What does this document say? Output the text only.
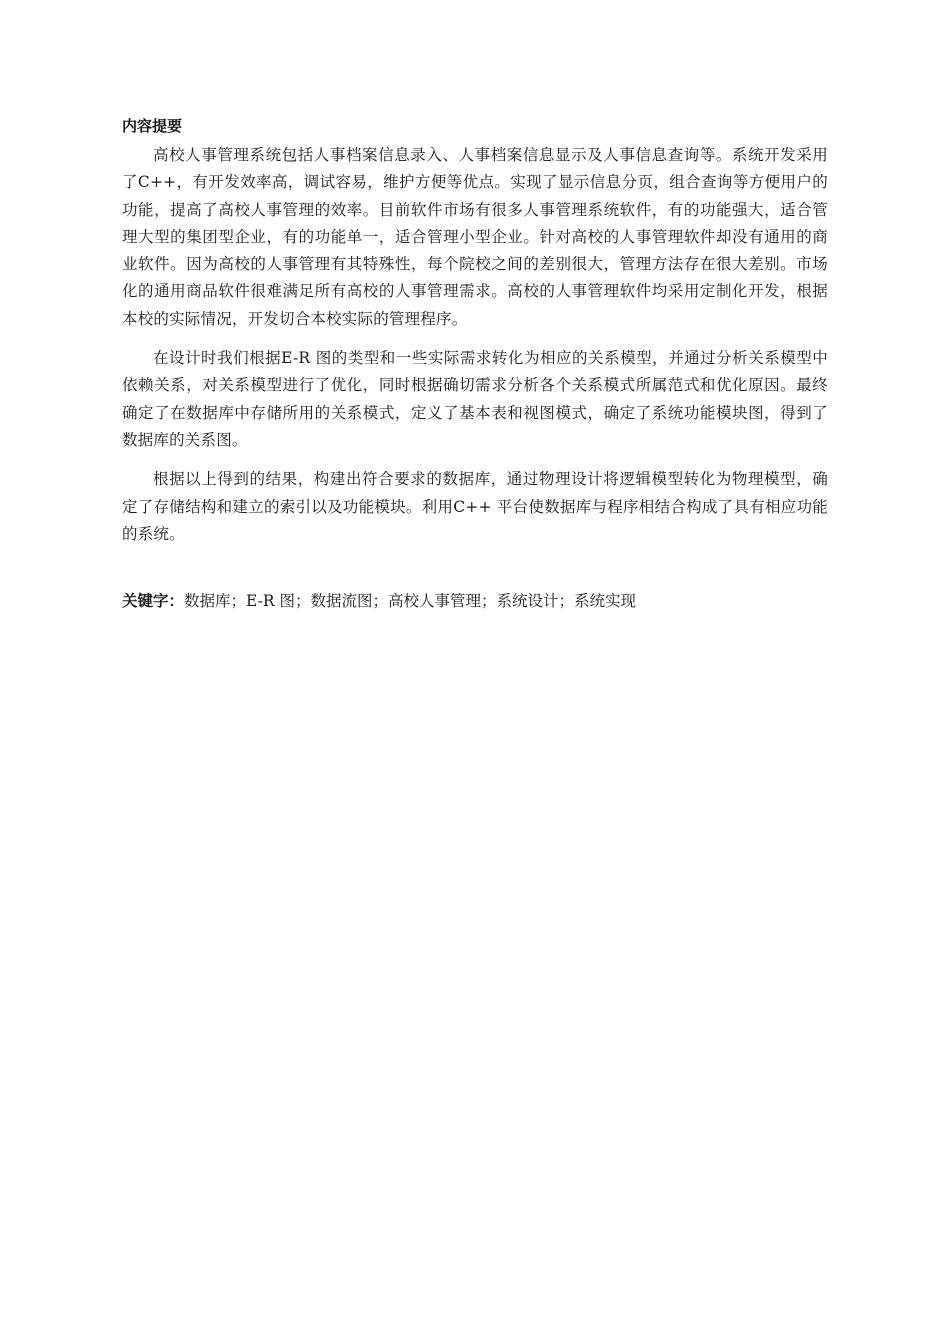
内容提要

高校人事管理系统包括人事档案信息录入、人事档案信息显示及人事信息查询等。系统开发采用了C++，有开发效率高，调试容易，维护方便等优点。实现了显示信息分页，组合查询等方便用户的功能，提高了高校人事管理的效率。目前软件市场有很多人事管理系统软件，有的功能强大，适合管理大型的集团型企业，有的功能单一，适合管理小型企业。针对高校的人事管理软件却没有通用的商业软件。因为高校的人事管理有其特殊性，每个院校之间的差别很大，管理方法存在很大差别。市场化的通用商品软件很难满足所有高校的人事管理需求。高校的人事管理软件均采用定制化开发，根据本校的实际情况，开发切合本校实际的管理程序。

在设计时我们根据E-R 图的类型和一些实际需求转化为相应的关系模型，并通过分析关系模型中依赖关系，对关系模型进行了优化，同时根据确切需求分析各个关系模式所属范式和优化原因。最终确定了在数据库中存储所用的关系模式，定义了基本表和视图模式，确定了系统功能模块图，得到了数据库的关系图。

根据以上得到的结果，构建出符合要求的数据库，通过物理设计将逻辑模型转化为物理模型，确定了存储结构和建立的索引以及功能模块。利用C++ 平台使数据库与程序相结合构成了具有相应功能的系统。

关键字：数据库；E-R 图；数据流图；高校人事管理；系统设计；系统实现
